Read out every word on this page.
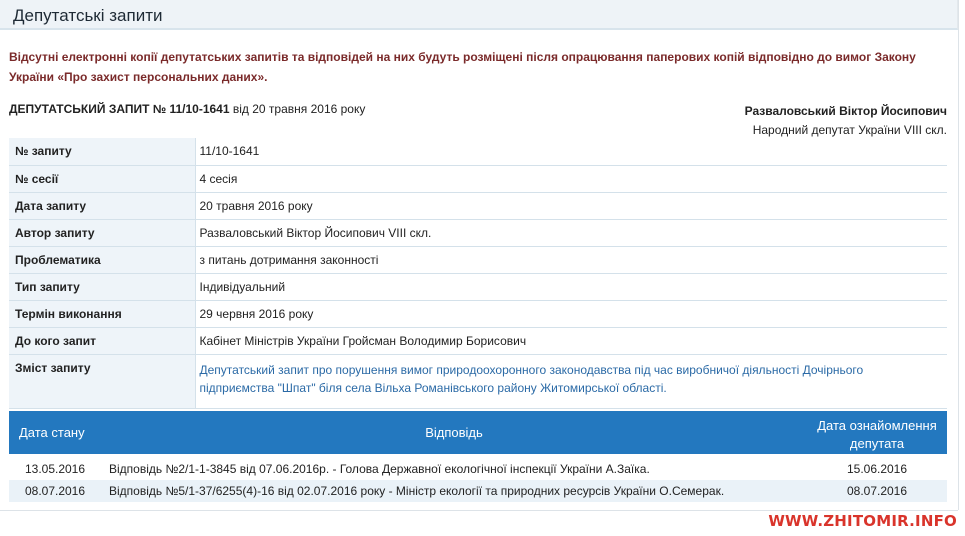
Депутатські запити

Відсутні електронні копії депутатських запитів та відповідей на них будуть розміщені після опрацювання паперових копій відповідно до вимог Закону України «Про захист персональних даних».

ДЕПУТАТСЬКИЙ ЗАПИТ № 11/10-1641 від 20 травня 2016 року	Разваловський Віктор Йосипович
Народний депутат України VIII скл.
№ запиту	11/10-1641
№ сесії	4 сесія
Дата запиту	20 травня 2016 року
Автор запиту	Разваловський Віктор Йосипович VIII скл.
Проблематика	з питань дотримання законності
Тип запиту	Індивідуальний
Термін виконання	29 червня 2016 року
До кого запит	Кабінет Міністрів України Гройсман Володимир Борисович
Зміст запиту	Депутатський запит про порушення вимог природоохоронного законодавства під час виробничої діяльності Дочірнього підприємства "Шпат" біля села Вільха Романівського району Житомирської області.
Дата стану	Відповідь	Дата ознайомлення депутата

13.05.2016	Відповідь №2/1-1-3845 від 07.06.2016р. - Голова Державної екологічної інспекції України А.Заїка.	15.06.2016
08.07.2016	Відповідь №5/1-37/6255(4)-16 від 02.07.2016 року - Міністр екології та природних ресурсів України О.Семерак.	08.07.2016
WWW.ZHITOMIR.INFO
